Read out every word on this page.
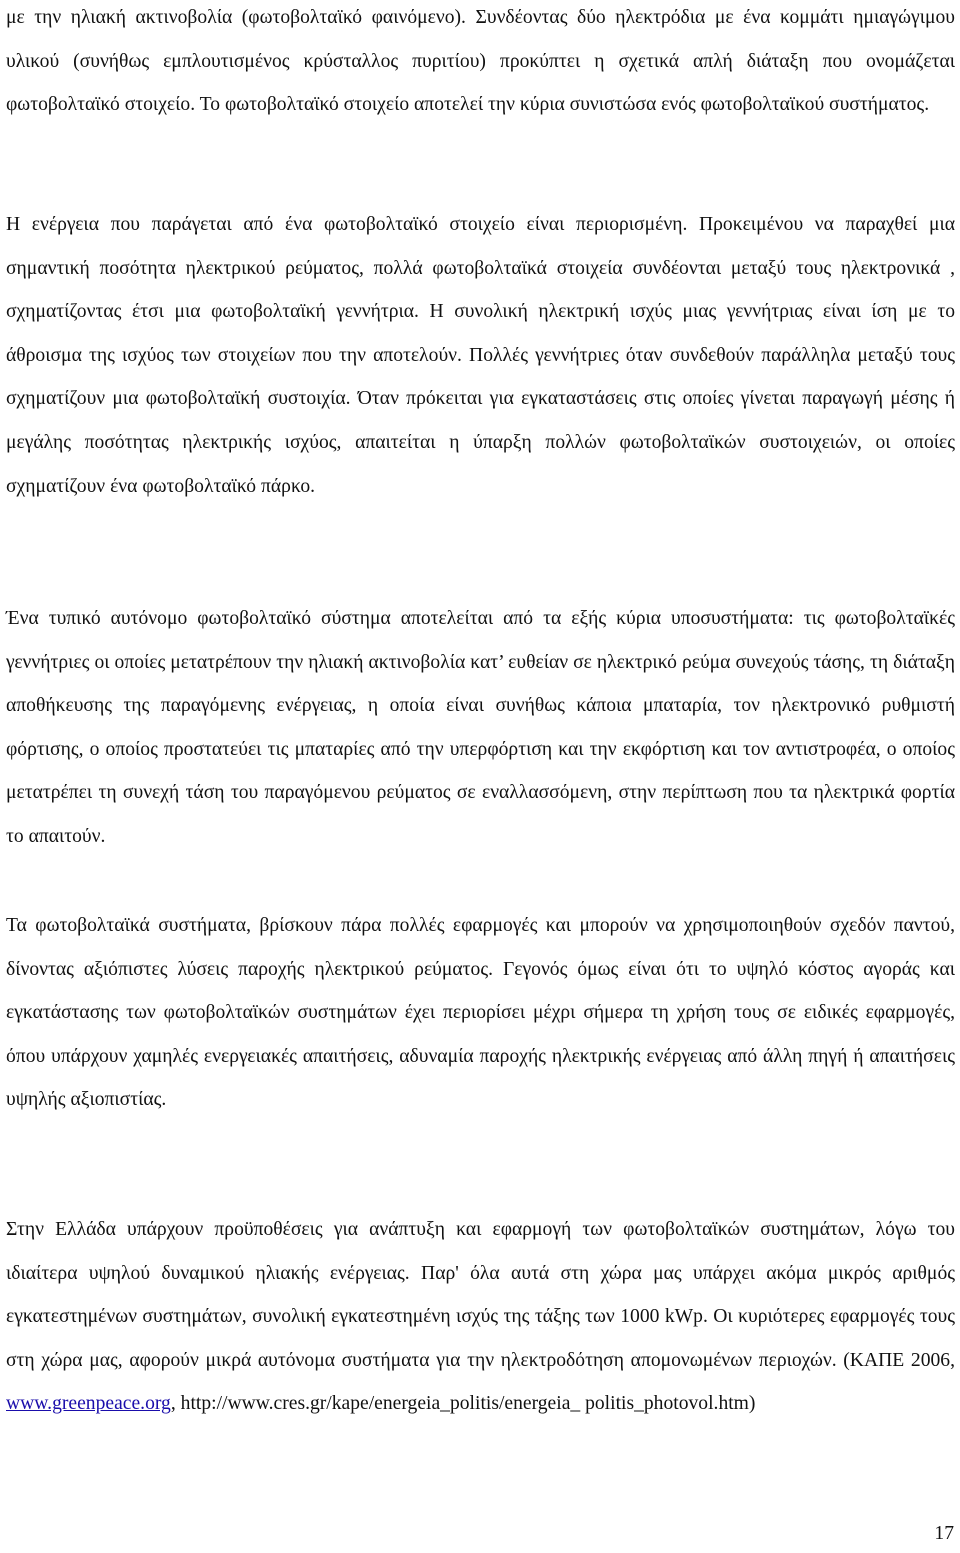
με την ηλιακή ακτινοβολία (φωτοβολταϊκό φαινόμενο). Συνδέοντας δύο ηλεκτρόδια με ένα κομμάτι ημιαγώγιμου υλικού (συνήθως εμπλουτισμένος κρύσταλλος πυριτίου) προκύπτει η σχετικά απλή διάταξη που ονομάζεται φωτοβολταϊκό στοιχείο. Το φωτοβολταϊκό στοιχείο αποτελεί την κύρια συνιστώσα ενός φωτοβολταϊκού συστήματος.

Η ενέργεια που παράγεται από ένα φωτοβολταϊκό στοιχείο είναι περιορισμένη. Προκειμένου να παραχθεί μια σημαντική ποσότητα ηλεκτρικού ρεύματος, πολλά φωτοβολταϊκά στοιχεία συνδέονται μεταξύ τους ηλεκτρονικά , σχηματίζοντας έτσι μια φωτοβολταϊκή γεννήτρια. Η συνολική ηλεκτρική ισχύς μιας γεννήτριας είναι ίση με το άθροισμα της ισχύος των στοιχείων που την αποτελούν. Πολλές γεννήτριες όταν συνδεθούν παράλληλα μεταξύ τους σχηματίζουν μια φωτοβολταϊκή συστοιχία. Όταν πρόκειται για εγκαταστάσεις στις οποίες γίνεται παραγωγή μέσης ή μεγάλης ποσότητας ηλεκτρικής ισχύος, απαιτείται η ύπαρξη πολλών φωτοβολταϊκών συστοιχειών, οι οποίες σχηματίζουν ένα φωτοβολταϊκό πάρκο.

Ένα τυπικό αυτόνομο φωτοβολταϊκό σύστημα αποτελείται από τα εξής κύρια υποσυστήματα: τις φωτοβολταϊκές γεννήτριες οι οποίες μετατρέπουν την ηλιακή ακτινοβολία κατ’ ευθείαν σε ηλεκτρικό ρεύμα συνεχούς τάσης, τη διάταξη αποθήκευσης της παραγόμενης ενέργειας, η οποία είναι συνήθως κάποια μπαταρία, τον ηλεκτρονικό ρυθμιστή φόρτισης, ο οποίος προστατεύει τις μπαταρίες από την υπερφόρτιση και την εκφόρτιση και τον αντιστροφέα, ο οποίος μετατρέπει τη συνεχή τάση του παραγόμενου ρεύματος σε εναλλασσόμενη, στην περίπτωση που τα ηλεκτρικά φορτία το απαιτούν.

Τα φωτοβολταϊκά συστήματα, βρίσκουν πάρα πολλές εφαρμογές και μπορούν να χρησιμοποιηθούν σχεδόν παντού, δίνοντας αξιόπιστες λύσεις παροχής ηλεκτρικού ρεύματος. Γεγονός όμως είναι ότι το υψηλό κόστος αγοράς και εγκατάστασης των φωτοβολταϊκών συστημάτων έχει περιορίσει μέχρι σήμερα τη χρήση τους σε ειδικές εφαρμογές, όπου υπάρχουν χαμηλές ενεργειακές απαιτήσεις, αδυναμία παροχής ηλεκτρικής ενέργειας από άλλη πηγή ή απαιτήσεις υψηλής αξιοπιστίας.

Στην Ελλάδα υπάρχουν προϋποθέσεις για ανάπτυξη και εφαρμογή των φωτοβολταϊκών συστημάτων, λόγω του ιδιαίτερα υψηλού δυναμικού ηλιακής ενέργειας. Παρ' όλα αυτά στη χώρα μας υπάρχει ακόμα μικρός αριθμός εγκατεστημένων συστημάτων, συνολική εγκατεστημένη ισχύς της τάξης των 1000 kWp. Οι κυριότερες εφαρμογές τους στη χώρα μας, αφορούν μικρά αυτόνομα συστήματα για την ηλεκτροδότηση απομονωμένων περιοχών. (ΚΑΠΕ 2006, www.greenpeace.org, http://www.cres.gr/kape/energeia_politis/energeia_ politis_photovol.htm)

17
